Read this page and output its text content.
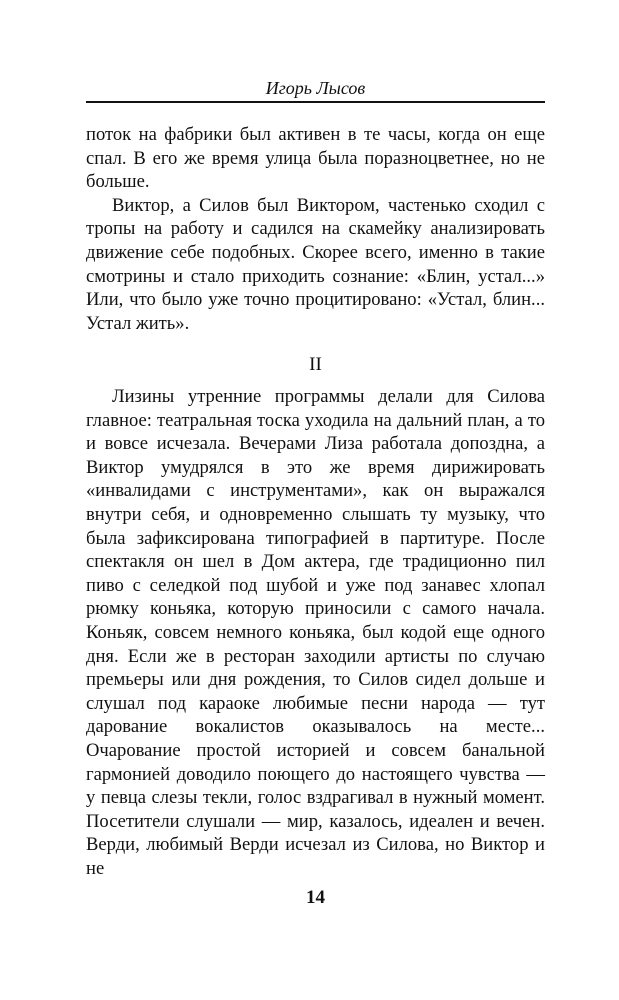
Игорь Лысов

поток на фабрики был активен в те часы, когда он еще спал. В его же время улица была поразноцветнее, но не больше.

Виктор, а Силов был Виктором, частенько сходил с тропы на работу и садился на скамейку анализировать движение себе подобных. Скорее всего, именно в такие смотрины и стало приходить сознание: «Блин, устал...» Или, что было уже точно процитировано: «Устал, блин... Устал жить».

II

Лизины утренние программы делали для Силова главное: театральная тоска уходила на дальний план, а то и вовсе исчезала. Вечерами Лиза работала допоздна, а Виктор умудрялся в это же время дирижировать «инвалидами с инструментами», как он выражался внутри себя, и одновременно слышать ту музыку, что была зафиксирована типографией в партитуре. После спектакля он шел в Дом актера, где традиционно пил пиво с селедкой под шубой и уже под занавес хлопал рюмку коньяка, которую приносили с самого начала. Коньяк, совсем немного коньяка, был кодой еще одного дня. Если же в ресторан заходили артисты по случаю премьеры или дня рождения, то Силов сидел дольше и слушал под караоке любимые песни народа — тут дарование вокалистов оказывалось на месте... Очарование простой историей и совсем банальной гармонией доводило поющего до настоящего чувства — у певца слезы текли, голос вздрагивал в нужный момент. Посетители слушали — мир, казалось, идеален и вечен. Верди, любимый Верди исчезал из Силова, но Виктор и не

14
